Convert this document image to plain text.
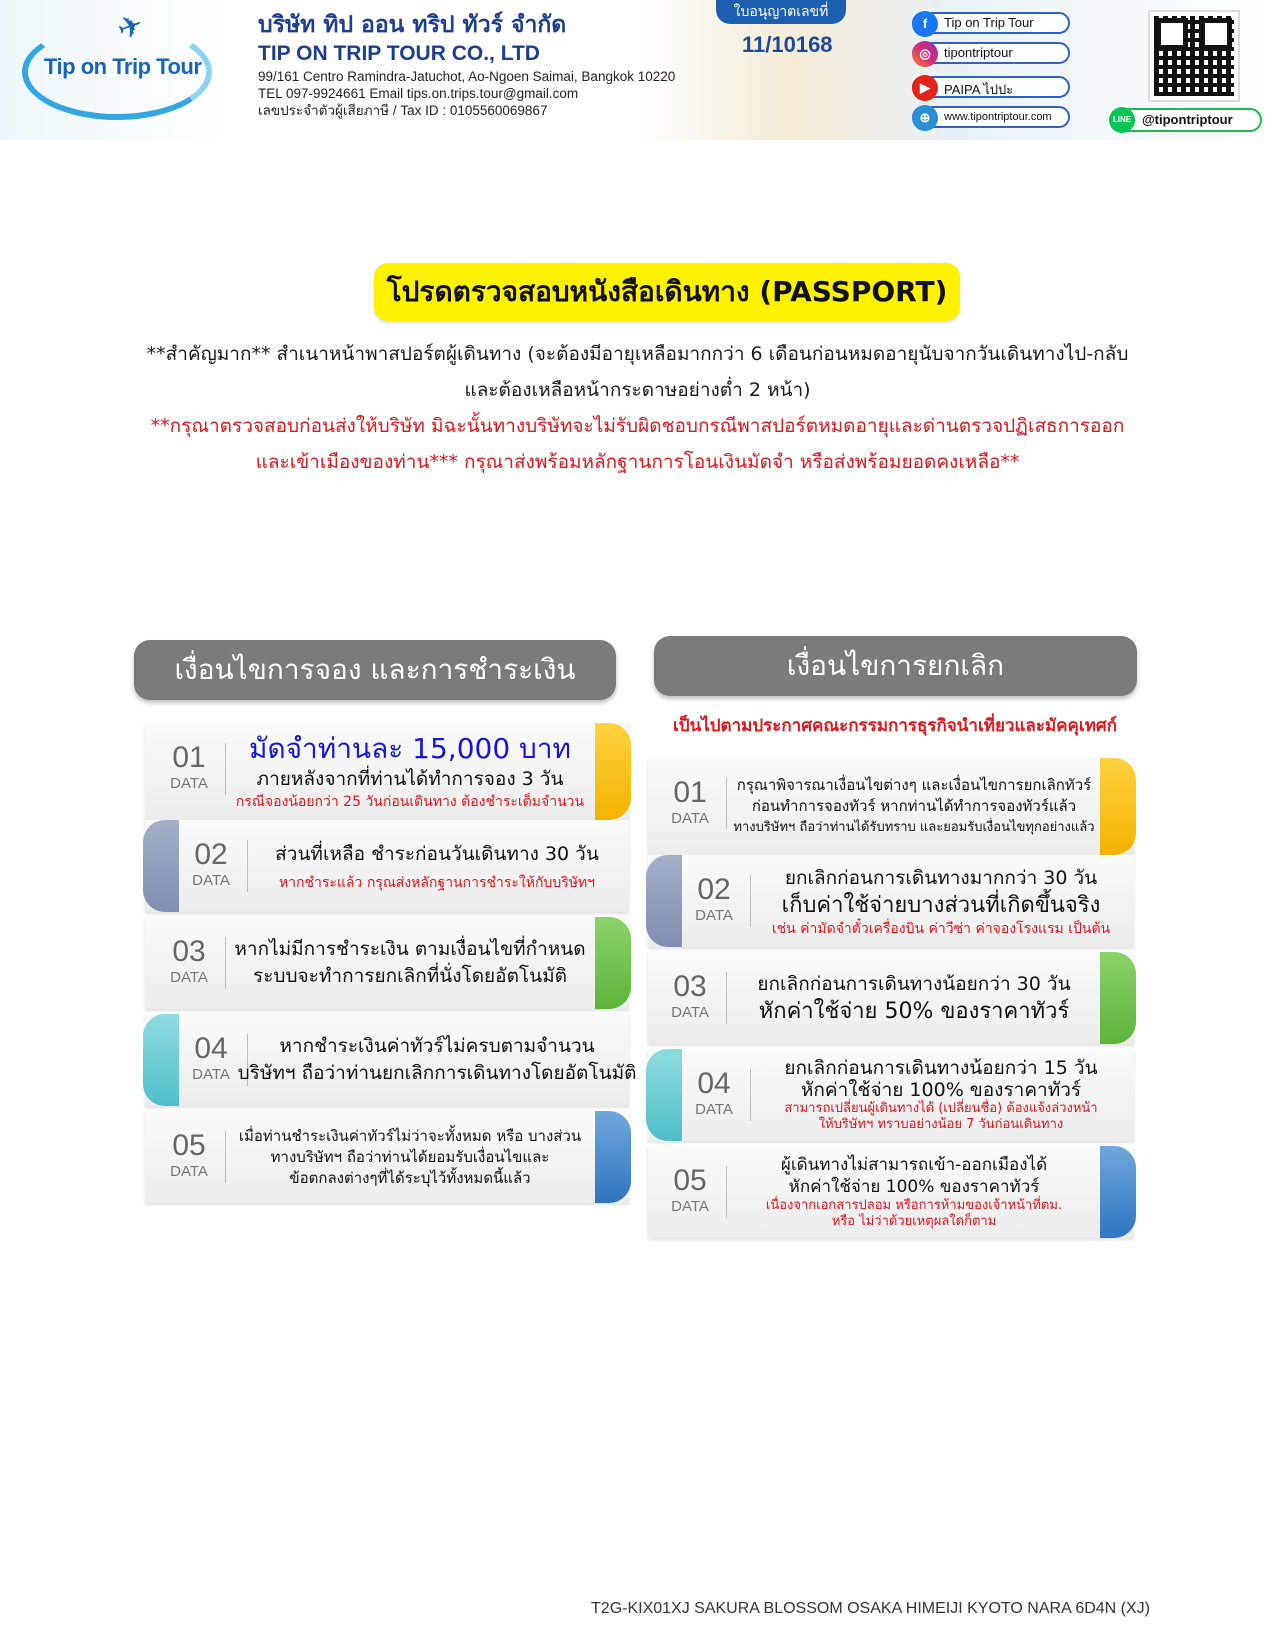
✈
Tip on Trip Tour
บริษัท ทิป ออน ทริป ทัวร์ จำกัด
TIP ON TRIP TOUR CO., LTD
99/161 Centro Ramindra-Jatuchot, Ao-Ngoen Saimai, Bangkok 10220
TEL 097-9924661 Email tips.on.trips.tour@gmail.com
เลขประจำตัวผู้เสียภาษี / Tax ID : 0105560069867
ใบอนุญาตเลขที่
11/10168
f	Tip on Trip Tour
◎	tipontriptour
▶	PAIPA ไปปะ
⊕	www.tipontriptour.com	LINE @tipontriptour
โปรดตรวจสอบหนังสือเดินทาง (PASSPORT)
**สำคัญมาก** สำเนาหน้าพาสปอร์ตผู้เดินทาง (จะต้องมีอายุเหลือมากกว่า 6 เดือนก่อนหมดอายุนับจากวันเดินทางไป-กลับ
และต้องเหลือหน้ากระดาษอย่างต่ำ 2 หน้า)
**กรุณาตรวจสอบก่อนส่งให้บริษัท มิฉะนั้นทางบริษัทจะไม่รับผิดชอบกรณีพาสปอร์ตหมดอายุและด่านตรวจปฏิเสธการออก
และเข้าเมืองของท่าน*** กรุณาส่งพร้อมหลักฐานการโอนเงินมัดจำ หรือส่งพร้อมยอดคงเหลือ**
เงื่อนไขการจอง และการชำระเงิน
01
DATA
มัดจำท่านละ 15,000 บาท
ภายหลังจากที่ท่านได้ทำการจอง 3 วัน
กรณีจองน้อยกว่า 25 วันก่อนเดินทาง ต้องชำระเต็มจำนวน
02
DATA
ส่วนที่เหลือ ชำระก่อนวันเดินทาง 30 วัน
หากชำระแล้ว กรุณส่งหลักฐานการชำระให้กับบริษัทฯ
03
DATA
หากไม่มีการชำระเงิน ตามเงื่อนไขที่กำหนด
ระบบจะทำการยกเลิกที่นั่งโดยอัตโนมัติ
04
DATA
หากชำระเงินค่าทัวร์ไม่ครบตามจำนวน
บริษัทฯ ถือว่าท่านยกเลิกการเดินทางโดยอัตโนมัติ
05
DATA
เมื่อท่านชำระเงินค่าทัวร์ไม่ว่าจะทั้งหมด หรือ บางส่วน
ทางบริษัทฯ ถือว่าท่านได้ยอมรับเงื่อนไขและ
ข้อตกลงต่างๆที่ได้ระบุไว้ทั้งหมดนี้แล้ว
เงื่อนไขการยกเลิก
เป็นไปตามประกาศคณะกรรมการธุรกิจนำเที่ยวและมัคคุเทศก์
01
DATA
กรุณาพิจารณาเงื่อนไขต่างๆ และเงื่อนไขการยกเลิกทัวร์
ก่อนทำการจองทัวร์ หากท่านได้ทำการจองทัวร์แล้ว
ทางบริษัทฯ ถือว่าท่านได้รับทราบ และยอมรับเงื่อนไขทุกอย่างแล้ว
02
DATA
ยกเลิกก่อนการเดินทางมากกว่า 30 วัน
เก็บค่าใช้จ่ายบางส่วนที่เกิดขึ้นจริง
เช่น ค่ามัดจำตั๋วเครื่องบิน ค่าวีซ่า ค่าจองโรงแรม เป็นต้น
03
DATA
ยกเลิกก่อนการเดินทางน้อยกว่า 30 วัน
หักค่าใช้จ่าย 50% ของราคาทัวร์
04
DATA
ยกเลิกก่อนการเดินทางน้อยกว่า 15 วัน
หักค่าใช้จ่าย 100% ของราคาทัวร์
สามารถเปลี่ยนผู้เดินทางได้ (เปลี่ยนชื่อ) ต้องแจ้งล่วงหน้า
ให้บริษัทฯ ทราบอย่างน้อย 7 วันก่อนเดินทาง
05
DATA
ผู้เดินทางไม่สามารถเข้า-ออกเมืองได้
หักค่าใช้จ่าย 100% ของราคาทัวร์
เนื่องจากเอกสารปลอม หรือการห้ามของเจ้าหน้าที่ตม.
หรือ ไม่ว่าด้วยเหตุผลใดก็ตาม
T2G-KIX01XJ SAKURA BLOSSOM OSAKA HIMEIJI KYOTO NARA 6D4N (XJ)
